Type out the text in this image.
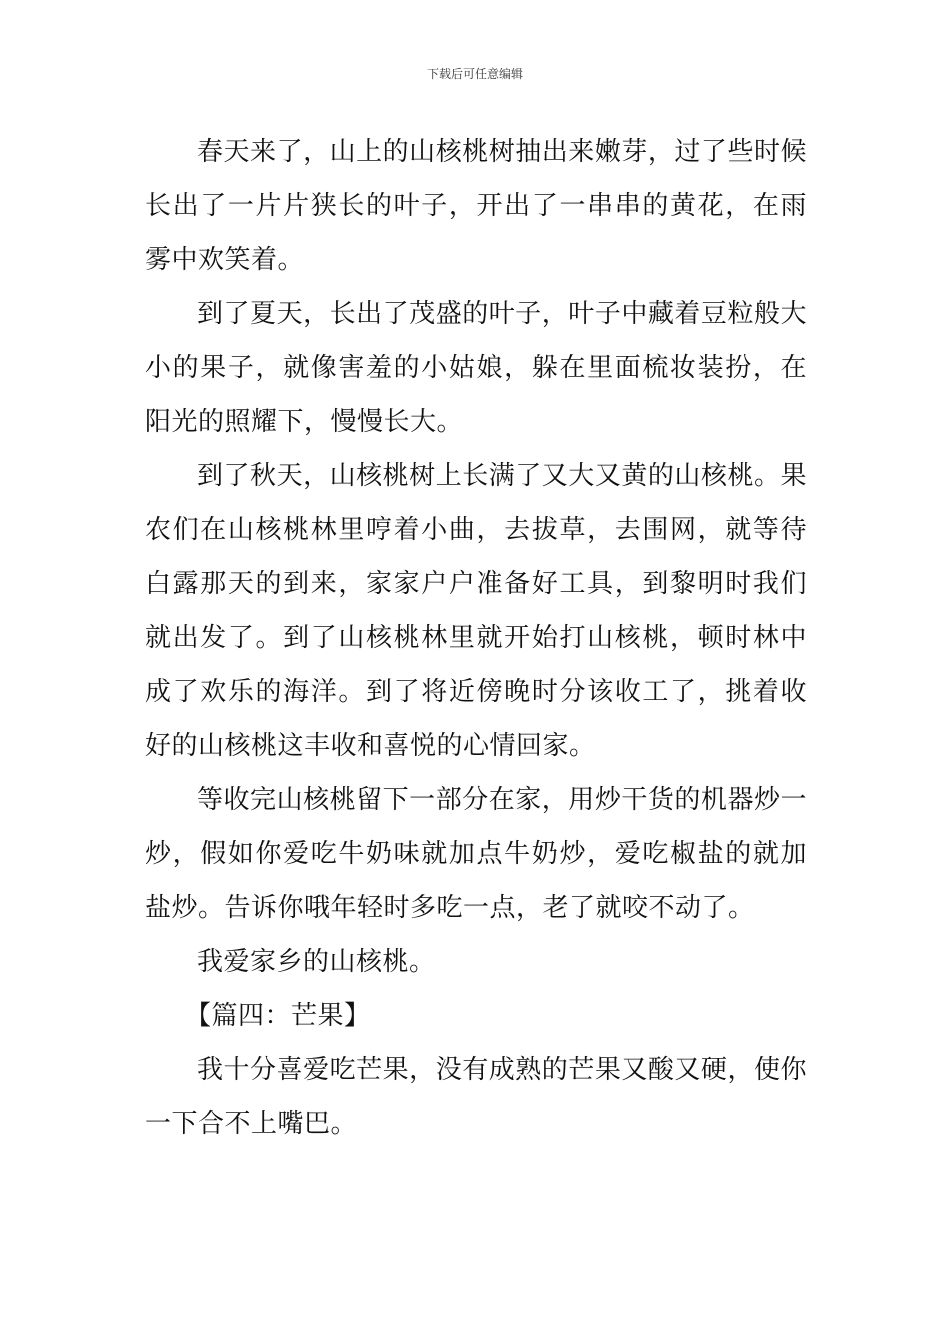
下载后可任意编辑

春天来了，山上的山核桃树抽出来嫩芽，过了些时候长出了一片片狭长的叶子，开出了一串串的黄花，在雨雾中欢笑着。

到了夏天，长出了茂盛的叶子，叶子中藏着豆粒般大小的果子，就像害羞的小姑娘，躲在里面梳妆装扮，在阳光的照耀下，慢慢长大。

到了秋天，山核桃树上长满了又大又黄的山核桃。果农们在山核桃林里哼着小曲，去拔草，去围网，就等待白露那天的到来，家家户户准备好工具，到黎明时我们就出发了。到了山核桃林里就开始打山核桃，顿时林中成了欢乐的海洋。到了将近傍晚时分该收工了，挑着收好的山核桃这丰收和喜悦的心情回家。

等收完山核桃留下一部分在家，用炒干货的机器炒一炒，假如你爱吃牛奶味就加点牛奶炒，爱吃椒盐的就加盐炒。告诉你哦年轻时多吃一点，老了就咬不动了。

我爱家乡的山核桃。

【篇四：芒果】

我十分喜爱吃芒果，没有成熟的芒果又酸又硬，使你一下合不上嘴巴。
